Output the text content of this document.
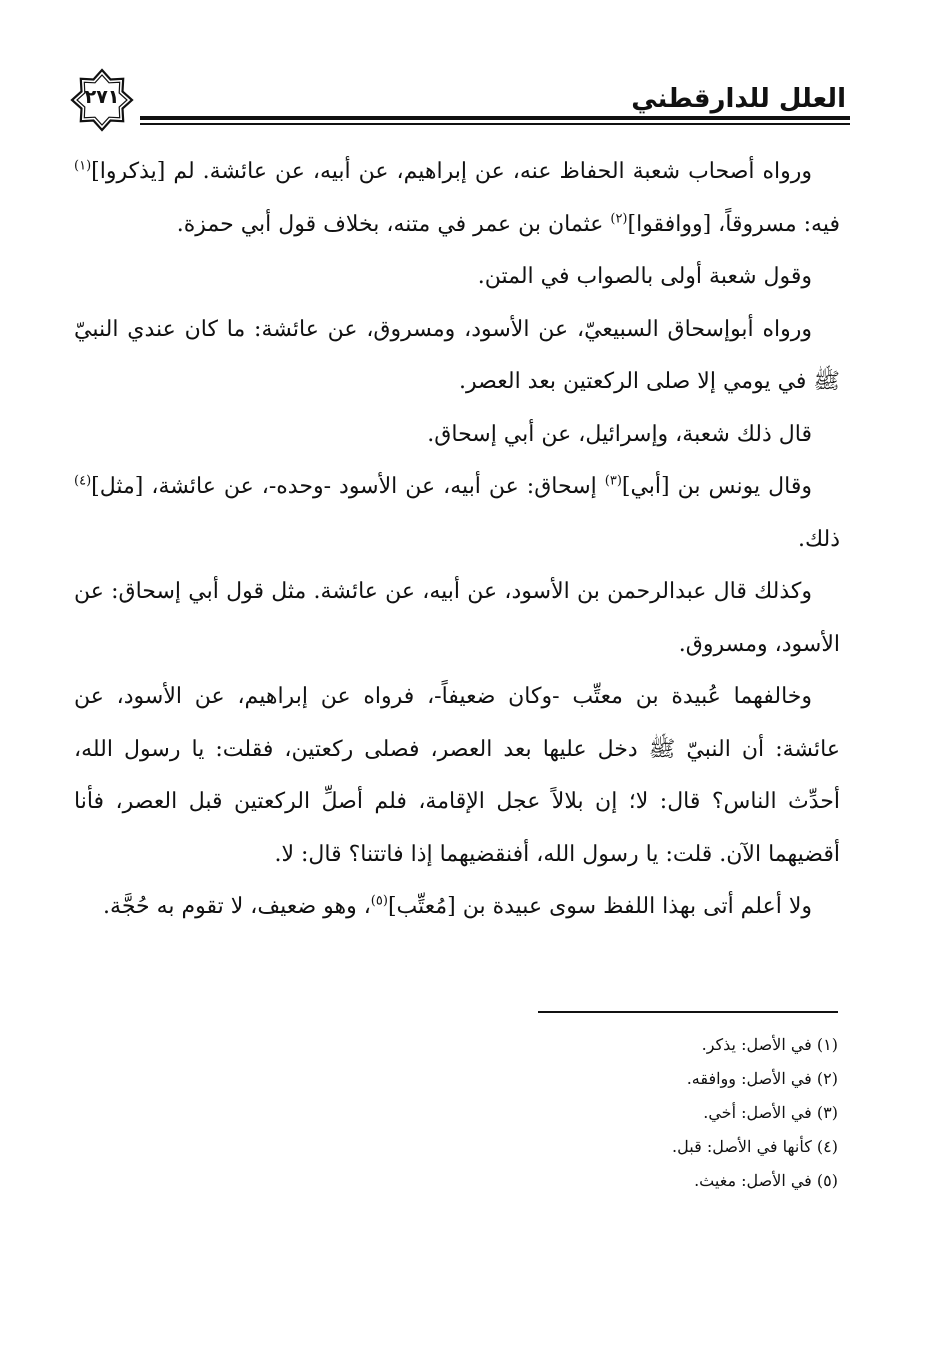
العلل للدارقطني
٢٧١

ورواه أصحاب شعبة الحفاظ عنه، عن إبراهيم، عن أبيه، عن عائشة. لم [يذكروا]$^{(١)}$ فيه: مسروقاً، [ووافقوا]$^{(٢)}$ عثمان بن عمر في متنه، بخلاف قول أبي حمزة.

وقول شعبة أولى بالصواب في المتن.

ورواه أبوإسحاق السبيعيّ، عن الأسود، ومسروق، عن عائشة: ما كان عندي النبيّ ﷺ في يومي إلا صلى الركعتين بعد العصر.

قال ذلك شعبة، وإسرائيل، عن أبي إسحاق.

وقال يونس بن [أبي]$^{(٣)}$ إسحاق: عن أبيه، عن الأسود -وحده-، عن عائشة، [مثل]$^{(٤)}$ ذلك.

وكذلك قال عبدالرحمن بن الأسود، عن أبيه، عن عائشة. مثل قول أبي إسحاق: عن الأسود، ومسروق.

وخالفهما عُبيدة بن معتِّب -وكان ضعيفاً-، فرواه عن إبراهيم، عن الأسود، عن عائشة: أن النبيّ ﷺ دخل عليها بعد العصر، فصلى ركعتين، فقلت: يا رسول الله، أحدِّث الناس؟ قال: لا؛ إن بلالاً عجل الإقامة، فلم أصلِّ الركعتين قبل العصر، فأنا أقضيهما الآن. قلت: يا رسول الله، أفنقضيهما إذا فاتتنا؟ قال: لا.

ولا أعلم أتى بهذا اللفظ سوى عبيدة بن [مُعتِّب]$^{(٥)}$، وهو ضعيف، لا تقوم به حُجَّة.

(١) في الأصل: يذكر.
(٢) في الأصل: ووافقه.
(٣) في الأصل: أخي.
(٤) كأنها في الأصل: قبل.
(٥) في الأصل: مغيث.
